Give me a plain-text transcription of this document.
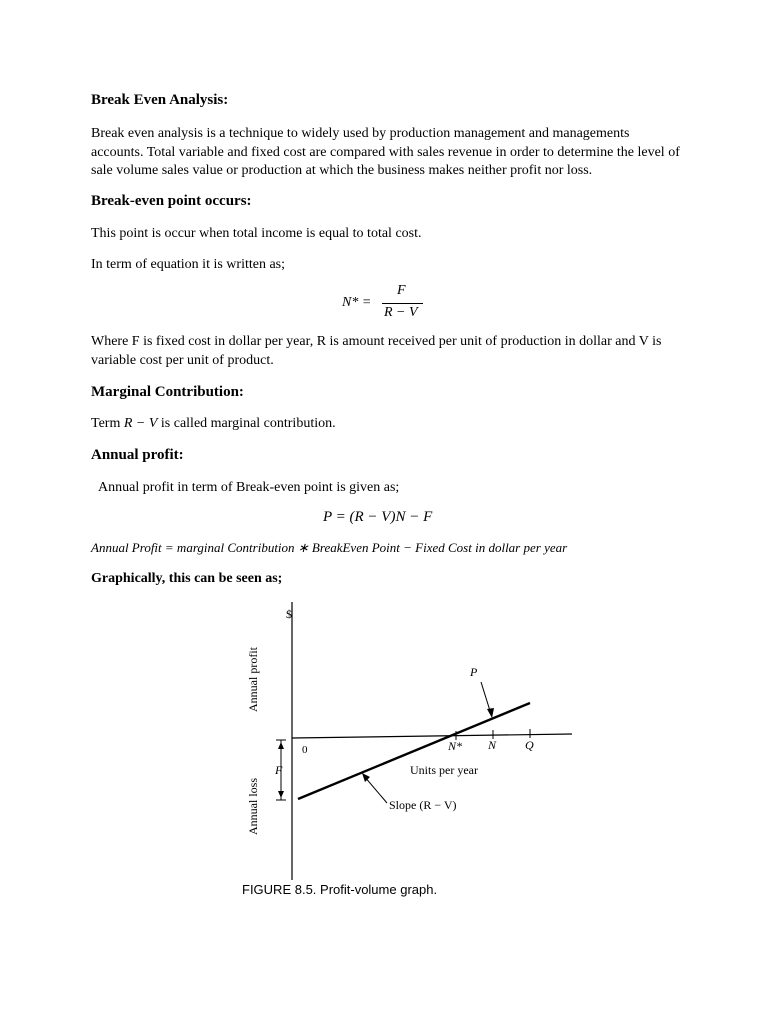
Break Even Analysis:

Break even analysis is a technique to widely used by production management and managements accounts. Total variable and fixed cost are compared with sales revenue in order to determine the level of sale volume sales value or production at which the business makes neither profit nor loss.

Break-even point occurs:

This point is occur when total income is equal to total cost.

In term of equation it is written as;

N* =
F
R − V

Where F is fixed cost in dollar per year, R is amount received per unit of production in dollar and V is variable cost per unit of product.

Marginal Contribution:

Term R − V is called marginal contribution.

Annual profit:

Annual profit in term of Break-even point is given as;

P = (R − V)N − F
Annual Profit = marginal Contribution ∗ BreakEven Point − Fixed Cost in dollar per year
Graphically, this can be seen as;
$
F
Annual profit
Annual loss
0	N* N Q
Units per year
P
Slope (R − V)
FIGURE 8.5. Profit-volume graph.
